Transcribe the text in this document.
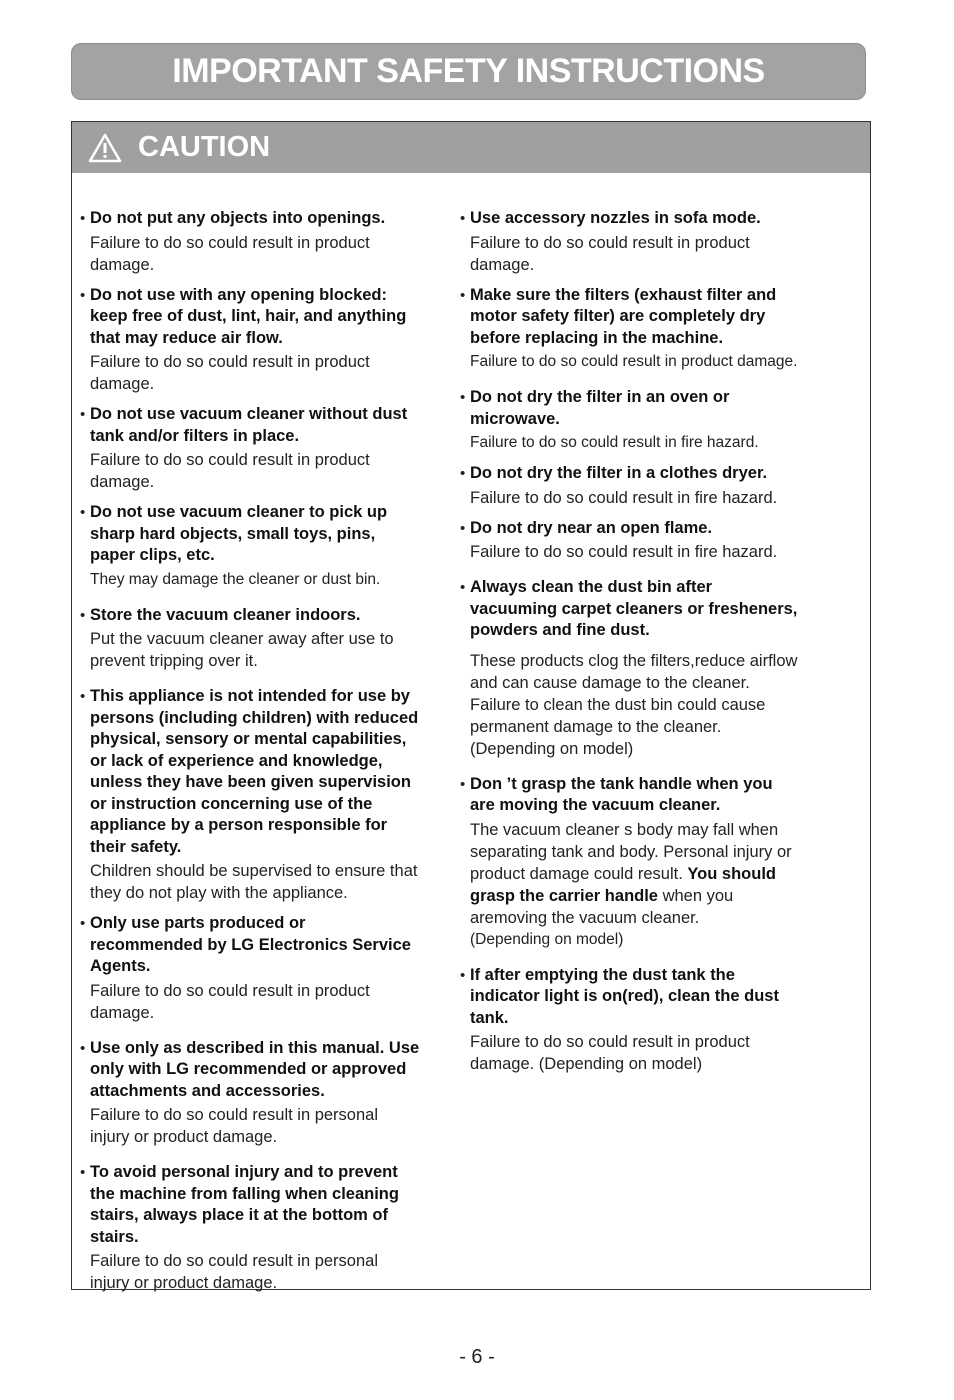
IMPORTANT SAFETY INSTRUCTIONS
CAUTION
• Do not put any objects into openings.
Failure to do so could result in product damage.
• Do not use with any opening blocked: keep free of dust, lint, hair, and anything that may reduce air flow.
Failure to do so could result in product damage.
• Do not use vacuum cleaner without dust tank and/or filters in place.
Failure to do so could result in product damage.
• Do not use vacuum cleaner to pick up sharp hard objects, small toys, pins, paper clips, etc.
They may damage the cleaner or dust bin.
• Store the vacuum cleaner indoors.
Put the vacuum cleaner away after use to prevent tripping over it.
• This appliance is not intended for use by persons (including children) with reduced physical, sensory or mental capabilities, or lack of experience and knowledge, unless they have been given supervision or instruction concerning use of the appliance by a person responsible for their safety.
Children should be supervised to ensure that they do not play with the appliance.
• Only use parts produced or recommended by LG Electronics Service Agents.
Failure to do so could result in product damage.
• Use only as described in this manual. Use only with LG recommended or approved attachments and accessories.
Failure to do so could result in personal injury or product damage.
• To avoid personal injury and to prevent the machine from falling when cleaning stairs, always place it at the bottom of stairs.
Failure to do so could result in personal injury or product damage.
• Use accessory nozzles in sofa mode.
Failure to do so could result in product damage.
• Make sure the filters (exhaust filter and motor safety filter) are completely dry before replacing in the machine.
Failure to do so could result in product damage.
• Do not dry the filter in an oven or microwave.
Failure to do so could result in fire hazard.
• Do not dry the filter in a clothes dryer.
Failure to do so could result in fire hazard.
• Do not dry near an open flame.
Failure to do so could result in fire hazard.
• Always clean the dust bin after vacuuming carpet cleaners or fresheners, powders and fine dust.
These products clog the filters,reduce airflow and can cause damage to the cleaner. Failure to clean the dust bin could cause permanent damage to the cleaner. (Depending on model)
• Don ’t grasp the tank handle when you are moving the vacuum cleaner.
The vacuum cleaner s body may fall when separating tank and body. Personal injury or product damage could result. You should grasp the carrier handle when you aremoving the vacuum cleaner.
(Depending on model)
• If after emptying the dust tank the indicator light is on(red), clean the dust tank.
Failure to do so could result in product damage. (Depending on model)
- 6 -
